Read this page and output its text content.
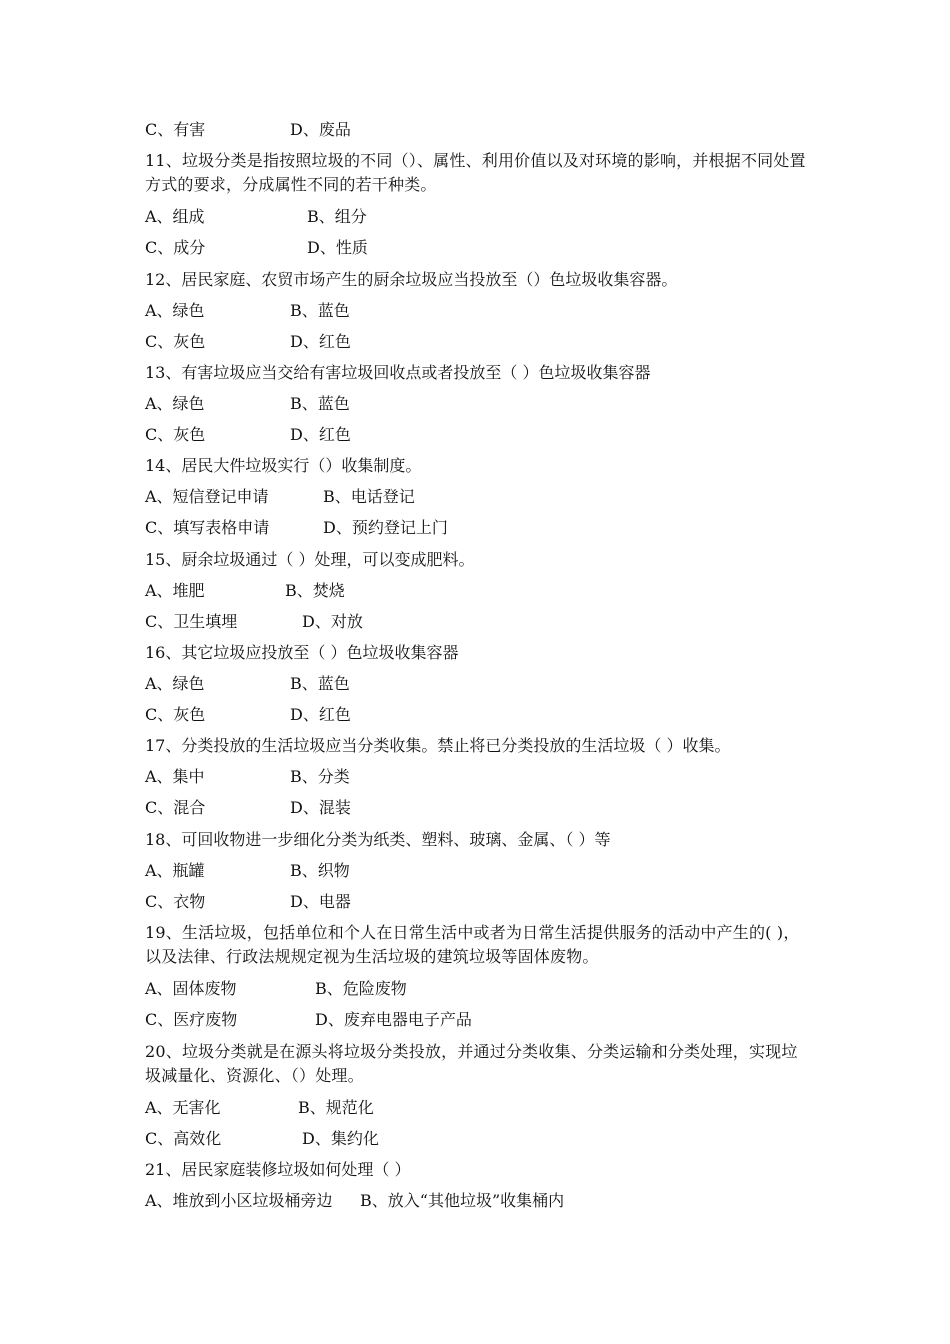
C、有害	D、废品
11、垃圾分类是指按照垃圾的不同（）、属性、利用价值以及对环境的影响，并根据不同处置方式的要求，分成属性不同的若干种类。
A、组成	B、组分
C、成分	D、性质
12、居民家庭、农贸市场产生的厨余垃圾应当投放至（）色垃圾收集容器。
A、绿色	B、蓝色
C、灰色	D、红色
13、有害垃圾应当交给有害垃圾回收点或者投放至（ ）色垃圾收集容器
A、绿色	B、蓝色
C、灰色	D、红色
14、居民大件垃圾实行（）收集制度。
A、短信登记申请	B、电话登记
C、填写表格申请	D、预约登记上门
15、厨余垃圾通过（ ）处理，可以变成肥料。
A、堆肥	B、焚烧
C、卫生填埋	D、对放
16、其它垃圾应投放至（ ）色垃圾收集容器
A、绿色	B、蓝色
C、灰色	D、红色
17、分类投放的生活垃圾应当分类收集。禁止将已分类投放的生活垃圾（ ）收集。
A、集中	B、分类
C、混合	D、混装
18、可回收物进一步细化分类为纸类、塑料、玻璃、金属、（ ）等
A、瓶罐	B、织物
C、衣物	D、电器
19、生活垃圾，包括单位和个人在日常生活中或者为日常生活提供服务的活动中产生的( )，以及法律、行政法规规定视为生活垃圾的建筑垃圾等固体废物。
A、固体废物	B、危险废物
C、医疗废物	D、废弃电器电子产品
20、垃圾分类就是在源头将垃圾分类投放，并通过分类收集、分类运输和分类处理，实现垃圾减量化、资源化、（）处理。
A、无害化	B、规范化
C、高效化	D、集约化
21、居民家庭装修垃圾如何处理（ ）
A、堆放到小区垃圾桶旁边 B、放入“其他垃圾”收集桶内
